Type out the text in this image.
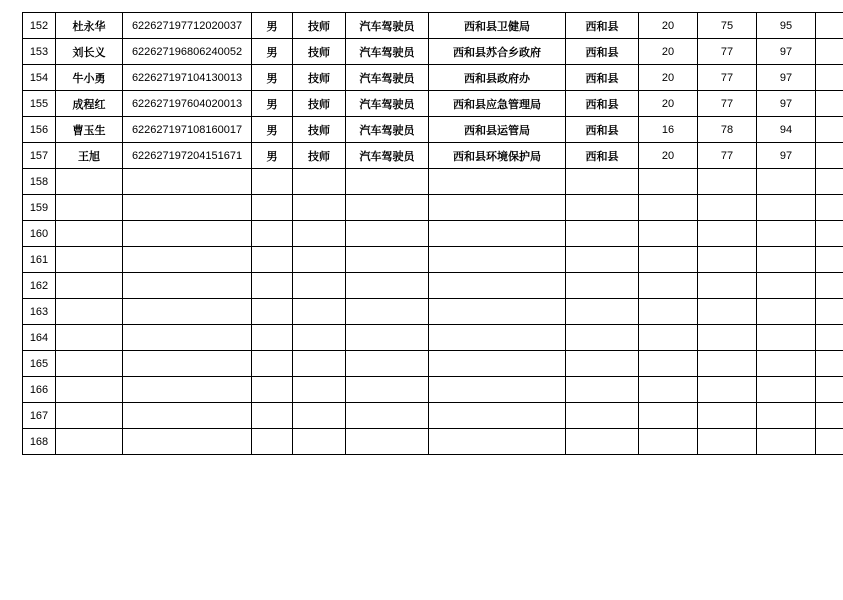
152	杜永华	622627197712020037	男	技师	汽车驾驶员	西和县卫健局	西和县	20	75	95	
153	刘长义	622627196806240052	男	技师	汽车驾驶员	西和县苏合乡政府	西和县	20	77	97	
154	牛小勇	622627197104130013	男	技师	汽车驾驶员	西和县政府办	西和县	20	77	97	
155	成程红	622627197604020013	男	技师	汽车驾驶员	西和县应急管理局	西和县	20	77	97	
156	曹玉生	622627197108160017	男	技师	汽车驾驶员	西和县运管局	西和县	16	78	94	
157	王旭	622627197204151671	男	技师	汽车驾驶员	西和县环境保护局	西和县	20	77	97	
158											
159											
160											
161											
162											
163											
164											
165											
166											
167											
168											
